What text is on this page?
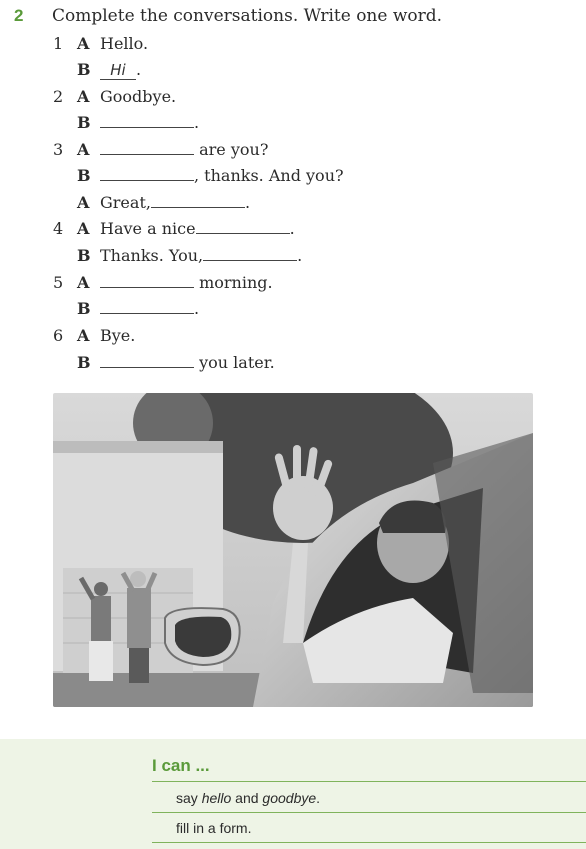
2 Complete the conversations. Write one word.
1 A Hello.
B	Hi .
2 A Goodbye.
B	.
3 A	are you?
B	, thanks. And you?
A Great,	.
4 A Have a nice	.
B Thanks. You,	.
5 A	morning.
B	.
6 A Bye.
B	you later.
I can ...
say hello and goodbye.
fill in a form.
